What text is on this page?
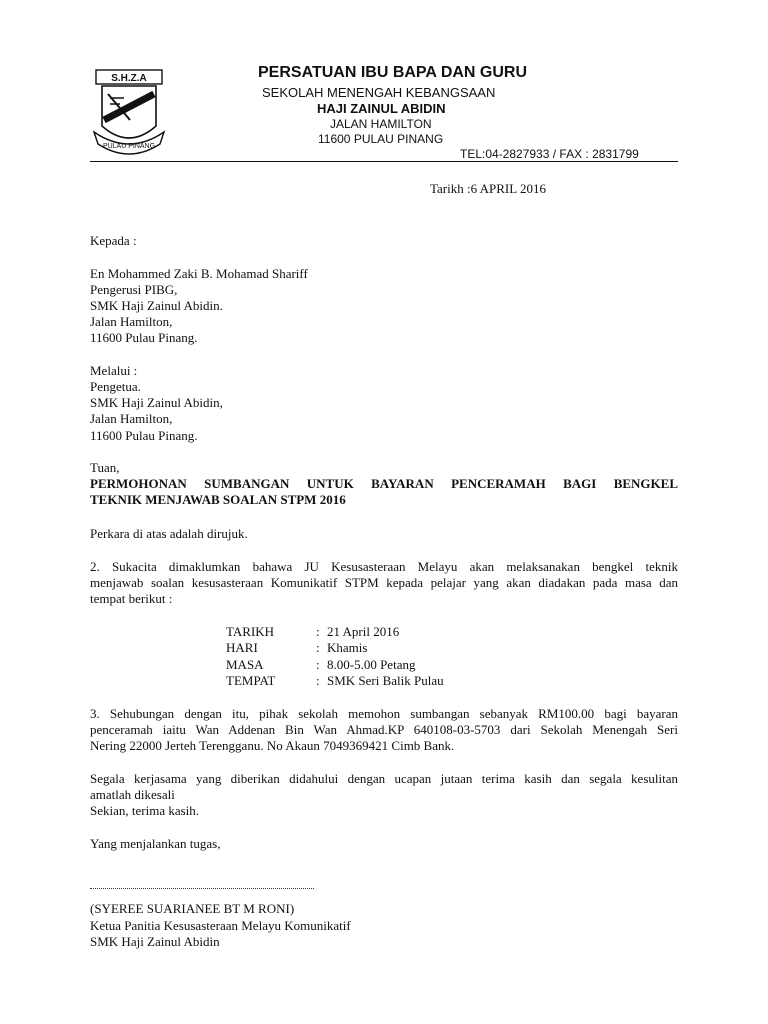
S.H.Z.A
PULAU PINANG
PERSATUAN IBU BAPA DAN GURU
SEKOLAH MENENGAH KEBANGSAAN
HAJI ZAINUL ABIDIN
JALAN HAMILTON
11600 PULAU PINANG
TEL:04-2827933 / FAX : 2831799
Tarikh :6 APRIL 2016
Kepada :
En Mohammed Zaki B. Mohamad Shariff
Pengerusi PIBG,
SMK Haji Zainul Abidin.
Jalan Hamilton,
11600 Pulau Pinang.
Melalui :
Pengetua.
SMK Haji Zainul Abidin,
Jalan Hamilton,
11600 Pulau Pinang.
Tuan,
PERMOHONAN SUMBANGAN UNTUK BAYARAN PENCERAMAH BAGI BENGKEL
TEKNIK MENJAWAB SOALAN STPM 2016
Perkara di atas adalah dirujuk.
2. Sukacita dimaklumkan bahawa JU Kesusasteraan Melayu akan melaksanakan bengkel teknik
menjawab soalan kesusasteraan Komunikatif STPM kepada pelajar yang akan diadakan pada masa dan
tempat berikut :
TARIKH	: 21 April 2016
HARI	: Khamis
MASA	: 8.00-5.00 Petang
TEMPAT	: SMK Seri Balik Pulau
3. Sehubungan dengan itu, pihak sekolah memohon sumbangan sebanyak RM100.00 bagi bayaran
penceramah iaitu Wan Addenan Bin Wan Ahmad.KP 640108-03-5703 dari Sekolah Menengah Seri
Nering 22000 Jerteh Terengganu. No Akaun 7049369421 Cimb Bank.
Segala kerjasama yang diberikan didahului dengan ucapan jutaan terima kasih dan segala kesulitan
amatlah dikesali
Sekian, terima kasih.
Yang menjalankan tugas,
(SYEREE SUARIANEE BT M RONI)
Ketua Panitia Kesusasteraan Melayu Komunikatif
SMK Haji Zainul Abidin
